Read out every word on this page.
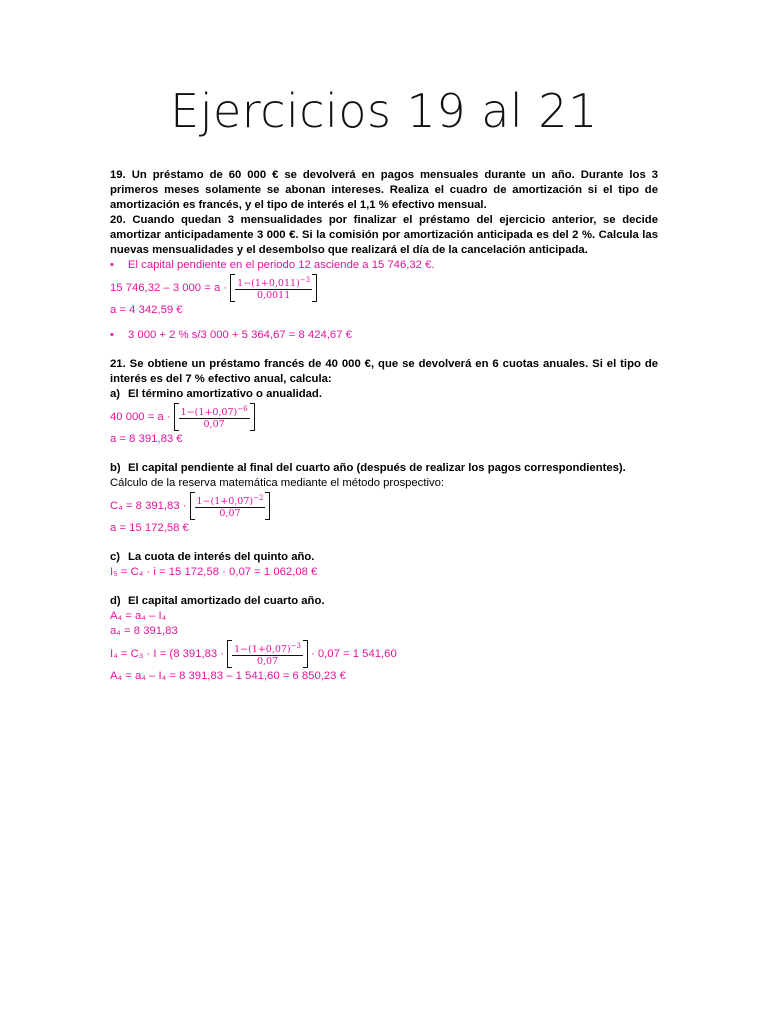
Ejercicios 19 al 21

19. Un préstamo de 60 000 € se devolverá en pagos mensuales durante un año. Durante los 3 primeros meses solamente se abonan intereses. Realiza el cuadro de amortización si el tipo de amortización es francés, y el tipo de interés el 1,1 % efectivo mensual.

20. Cuando quedan 3 mensualidades por finalizar el préstamo del ejercicio anterior, se decide amortizar anticipadamente 3 000 €. Si la comisión por amortización anticipada es del 2 %. Calcula las nuevas mensualidades y el desembolso que realizará el día de la cancelación anticipada.

•	El capital pendiente en el periodo 12 asciende a 15 746,32 €.
15 746,32 – 3 $000 = a \cdot \frac{1-(1+0,011)^{-3}}{0,0011}$

a = 4 342,59 €

•	3 000 + 2 % s/3 000 + 5 364,67 = 8 424,67 €

21. Se obtiene un préstamo francés de 40 000 €, que se devolverá en 6 cuotas anuales. Si el tipo de interés es del 7 % efectivo anual, calcula:

a) El término amortizativo o anualidad.

40 $000 = a \cdot \frac{1-(1+0,07)^{-6}}{0,07}$

a = 8 391,83 €

b) El capital pendiente al final del cuarto año (después de realizar los pagos correspondientes).

Cálculo de la reserva matemática mediante el método prospectivo:

C₄ = 8 $391,83 \cdot \frac{1-(1+0,07)^{-2}}{0,07}$

a = 15 172,58 €

c) La cuota de interés del quinto año.

I₅ = C₄ · i = 15 172,58 · 0,07 = 1 062,08 €

d) El capital amortizado del cuarto año.

A₄ = a₄ – I₄

a₄ = 8 391,83

I₄ = C₃ · I = (8 $391,83 \cdot \frac{1-(1+0,07)^{-3}}{0,07} \cdot 0,07 = 1$ 541,60

A₄ = a₄ – I₄ = 8 391,83 – 1 541,60 = 6 850,23 €
